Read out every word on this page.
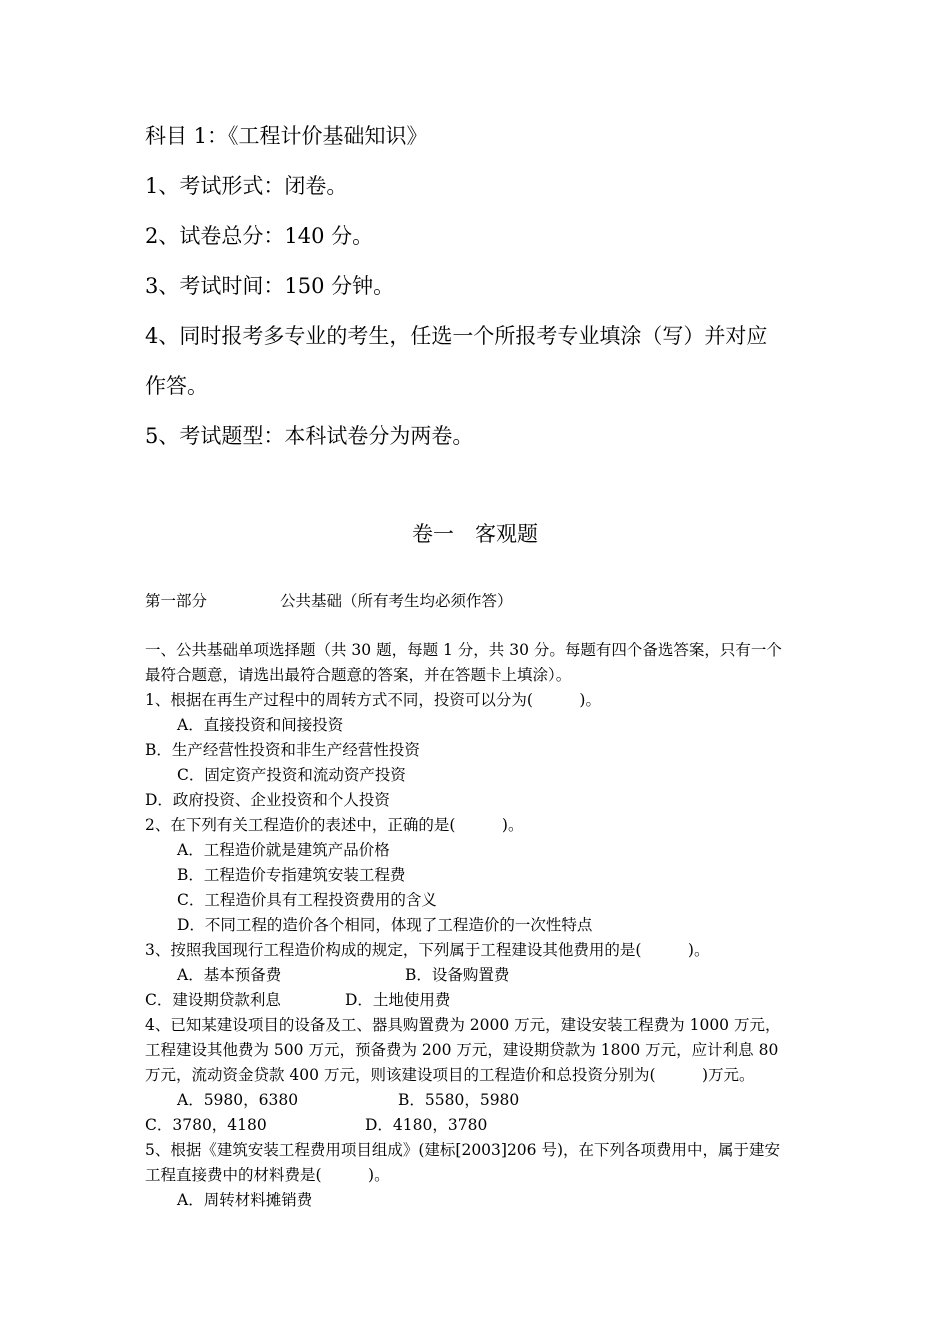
科目 1：《工程计价基础知识》
1、考试形式：闭卷。
2、试卷总分：140 分。
3、考试时间：150 分钟。
4、同时报考多专业的考生，任选一个所报考专业填涂（写）并对应
作答。
5、考试题型：本科试卷分为两卷。
卷一　客观题
第一部分	公共基础（所有考生均必须作答）
一、公共基础单项选择题（共 30 题，每题 1 分，共 30 分。每题有四个备选答案，只有一个
最符合题意，请选出最符合题意的答案，并在答题卡上填涂）。
1、根据在再生产过程中的周转方式不同，投资可以分为(　　　)。
A．直接投资和间接投资
B．生产经营性投资和非生产经营性投资
C．固定资产投资和流动资产投资
D．政府投资、企业投资和个人投资
2、在下列有关工程造价的表述中，正确的是(　　　)。
A．工程造价就是建筑产品价格
B．工程造价专指建筑安装工程费
C．工程造价具有工程投资费用的含义
D．不同工程的造价各个相同，体现了工程造价的一次性特点
3、按照我国现行工程造价构成的规定，下列属于工程建设其他费用的是(　　　)。
A．基本预备费	B．设备购置费
C．建设期贷款利息	D．土地使用费
4、已知某建设项目的设备及工、器具购置费为 2000 万元，建设安装工程费为 1000 万元，
工程建设其他费为 500 万元，预备费为 200 万元，建设期贷款为 1800 万元，应计利息 80
万元，流动资金贷款 400 万元，则该建设项目的工程造价和总投资分别为(　　　)万元。
A．5980，6380	B．5580，5980
C．3780，4180	D．4180，3780
5、根据《建筑安装工程费用项目组成》(建标[2003]206 号)，在下列各项费用中，属于建安
工程直接费中的材料费是(　　　)。
A．周转材料摊销费
